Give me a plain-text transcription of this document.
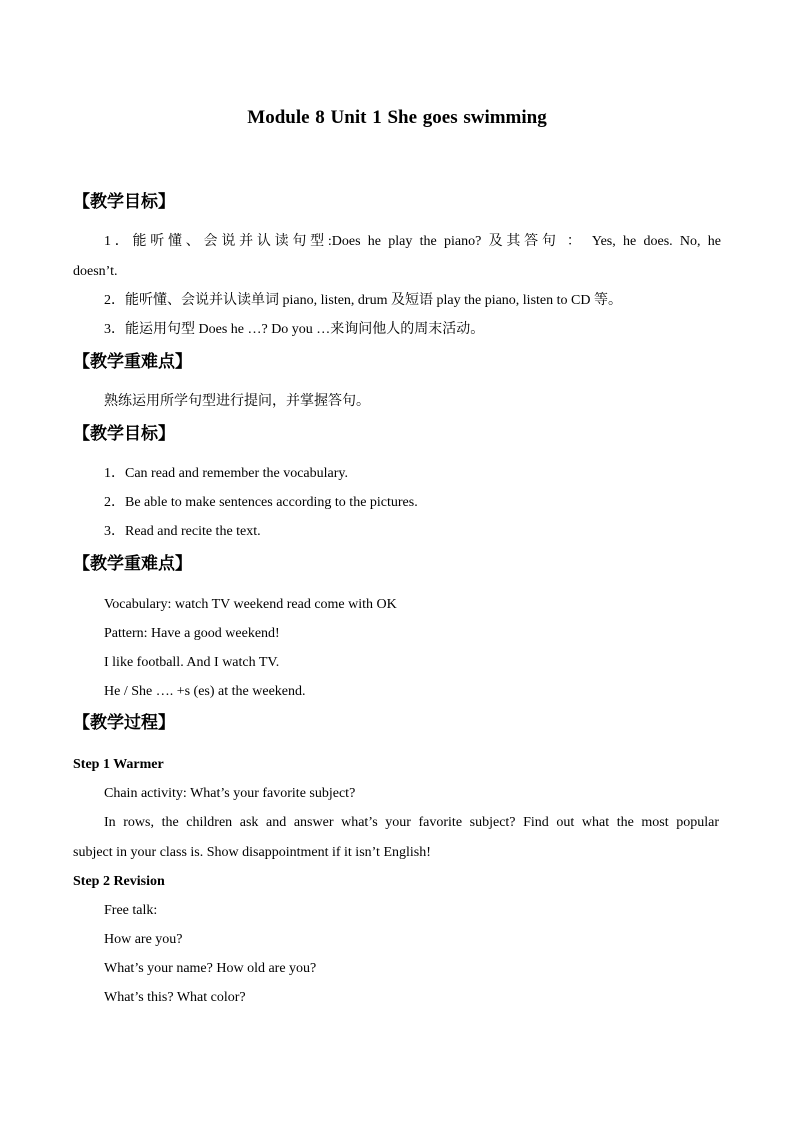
Module 8 Unit 1 She goes swimming
【教学目标】
1．能听懂、会说并认读句型:Does he play the piano? 及其答句 ： Yes, he does. No, he
doesn’t.
2．能听懂、会说并认读单词 piano, listen, drum 及短语 play the piano, listen to CD 等。
3．能运用句型 Does he …? Do you …来询问他人的周末活动。
【教学重难点】
熟练运用所学句型进行提问，并掌握答句。
【教学目标】
1．Can read and remember the vocabulary.
2．Be able to make sentences according to the pictures.
3．Read and recite the text.
【教学重难点】
Vocabulary: watch TV weekend read come with OK
Pattern: Have a good weekend!
I like football. And I watch TV.
He / She …. +s (es) at the weekend.
【教学过程】
Step 1 Warmer
Chain activity: What’s your favorite subject?
In rows, the children ask and answer what’s your favorite subject? Find out what the most popular
subject in your class is. Show disappointment if it isn’t English!
Step 2 Revision
Free talk:
How are you?
What’s your name? How old are you?
What’s this? What color?
